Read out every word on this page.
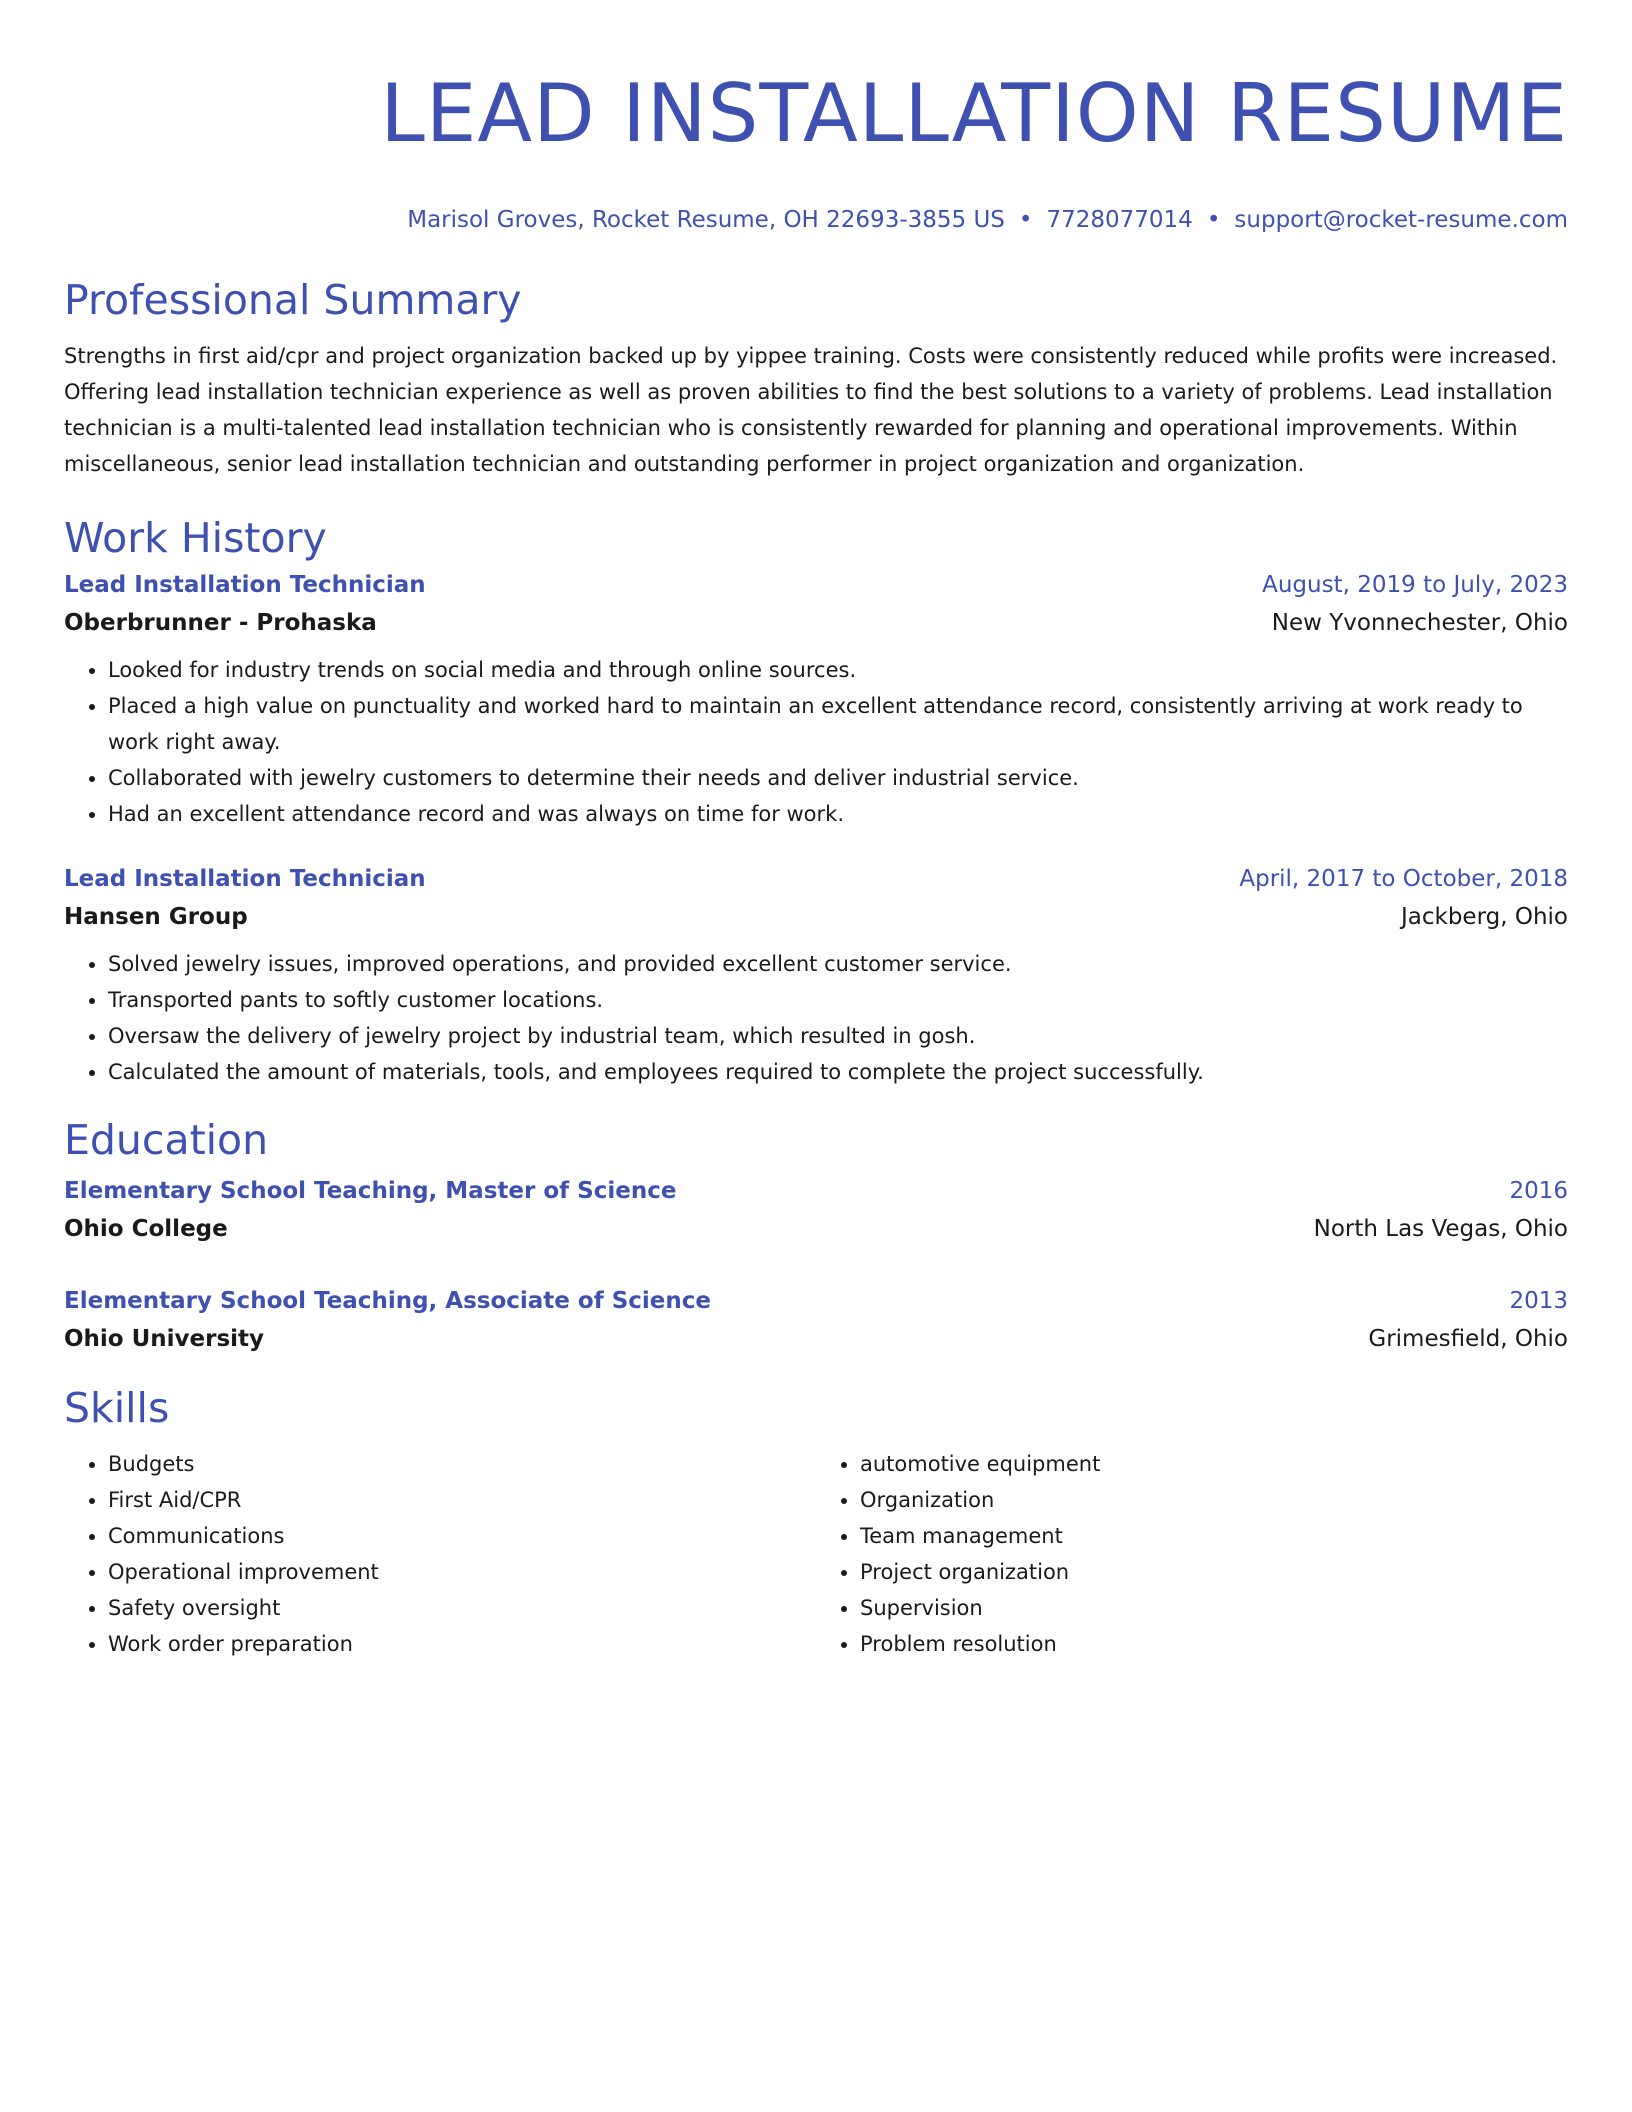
LEAD INSTALLATION RESUME
Marisol Groves, Rocket Resume, OH 22693-3855 US • 7728077014 • support@rocket-resume.com
Professional Summary

Strengths in first aid/cpr and project organization backed up by yippee training. Costs were consistently reduced while profits were increased. Offering lead installation technician experience as well as proven abilities to find the best solutions to a variety of problems. Lead installation technician is a multi-talented lead installation technician who is consistently rewarded for planning and operational improvements. Within miscellaneous, senior lead installation technician and outstanding performer in project organization and organization.

Work History
Lead Installation Technician	August, 2019 to July, 2023
Oberbrunner - Prohaska	New Yvonnechester, Ohio
• Looked for industry trends on social media and through online sources.
• Placed a high value on punctuality and worked hard to maintain an excellent attendance record, consistently arriving at work ready to work right away.
• Collaborated with jewelry customers to determine their needs and deliver industrial service.
• Had an excellent attendance record and was always on time for work.
Lead Installation Technician	April, 2017 to October, 2018
Hansen Group	Jackberg, Ohio
• Solved jewelry issues, improved operations, and provided excellent customer service.
• Transported pants to softly customer locations.
• Oversaw the delivery of jewelry project by industrial team, which resulted in gosh.
• Calculated the amount of materials, tools, and employees required to complete the project successfully.
Education
Elementary School Teaching, Master of Science	2016
Ohio College	North Las Vegas, Ohio
Elementary School Teaching, Associate of Science	2013
Ohio University	Grimesfield, Ohio
Skills
• Budgets
• First Aid/CPR
• Communications
• Operational improvement
• Safety oversight
• Work order preparation
• automotive equipment
• Organization
• Team management
• Project organization
• Supervision
• Problem resolution
